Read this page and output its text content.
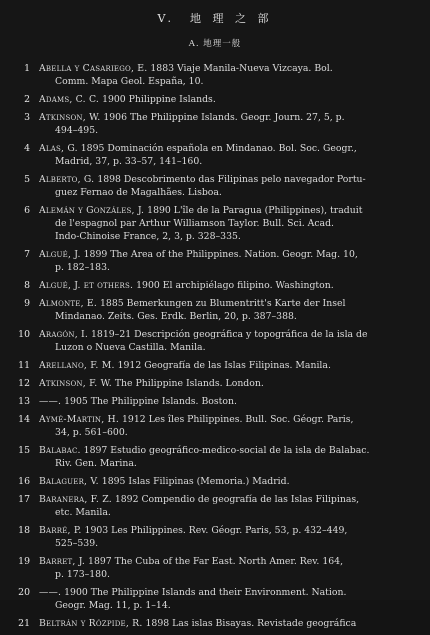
V.　地 理 之 部
A. 地理一般
1 Abella y Casariego, E. 1883 Viaje Manila-Nueva Vizcaya. Bol.
Comm. Mapa Geol. España, 10.
2 Adams, C. C. 1900 Philippine Islands.
3 Atkinson, W. 1906 The Philippine Islands. Geogr. Journ. 27, 5, p.
494–495.
4 Alas, G. 1895 Dominación española en Mindanao. Bol. Soc. Geogr.,
Madrid, 37, p. 33–57, 141–160.
5 Alberto, G. 1898 Descobrimento das Filipinas pelo navegador Portu-
guez Fernao de Magalhães. Lisboa.
6 Alemán y Gonzáles, J. 1890 L'île de la Paragua (Philippines), traduit
de l'espagnol par Arthur Williamson Taylor. Bull. Sci. Acad.
Indo-Chinoise France, 2, 3, p. 328–335.
7 Algué, J. 1899 The Area of the Philippines. Nation. Geogr. Mag. 10,
p. 182–183.
8 Algué, J. et others. 1900 El archipiélago filipino. Washington.
9 Almonte, E. 1885 Bemerkungen zu Blumentritt's Karte der Insel
Mindanao. Zeits. Ges. Erdk. Berlin, 20, p. 387–388.
10 Aragón, I. 1819–21 Descripción geográfica y topográfica de la isla de
Luzon o Nueva Castilla. Manila.
11 Arellano, F. M. 1912 Geografía de las Islas Filipinas. Manila.
12 Atkinson, F. W. The Philippine Islands. London.
13 ——. 1905 The Philippine Islands. Boston.
14 Aymé-Martin, H. 1912 Les îles Philippines. Bull. Soc. Géogr. Paris,
34, p. 561–600.
15 Balabac. 1897 Estudio geográfico-medico-social de la isla de Balabac.
Riv. Gen. Marina.
16 Balaguer, V. 1895 Islas Filipinas (Memoria.) Madrid.
17 Baranera, F. Z. 1892 Compendio de geografía de las Islas Filipinas,
etc. Manila.
18 Barré, P. 1903 Les Philippines. Rev. Géogr. Paris, 53, p. 432–449,
525–539.
19 Barret, J. 1897 The Cuba of the Far East. North Amer. Rev. 164,
p. 173–180.
20 ——. 1900 The Philippine Islands and their Environment. Nation.
Geogr. Mag. 11, p. 1–14.
21 Beltrán y Rózpide, R. 1898 Las islas Bisayas. Revistade geográfica
